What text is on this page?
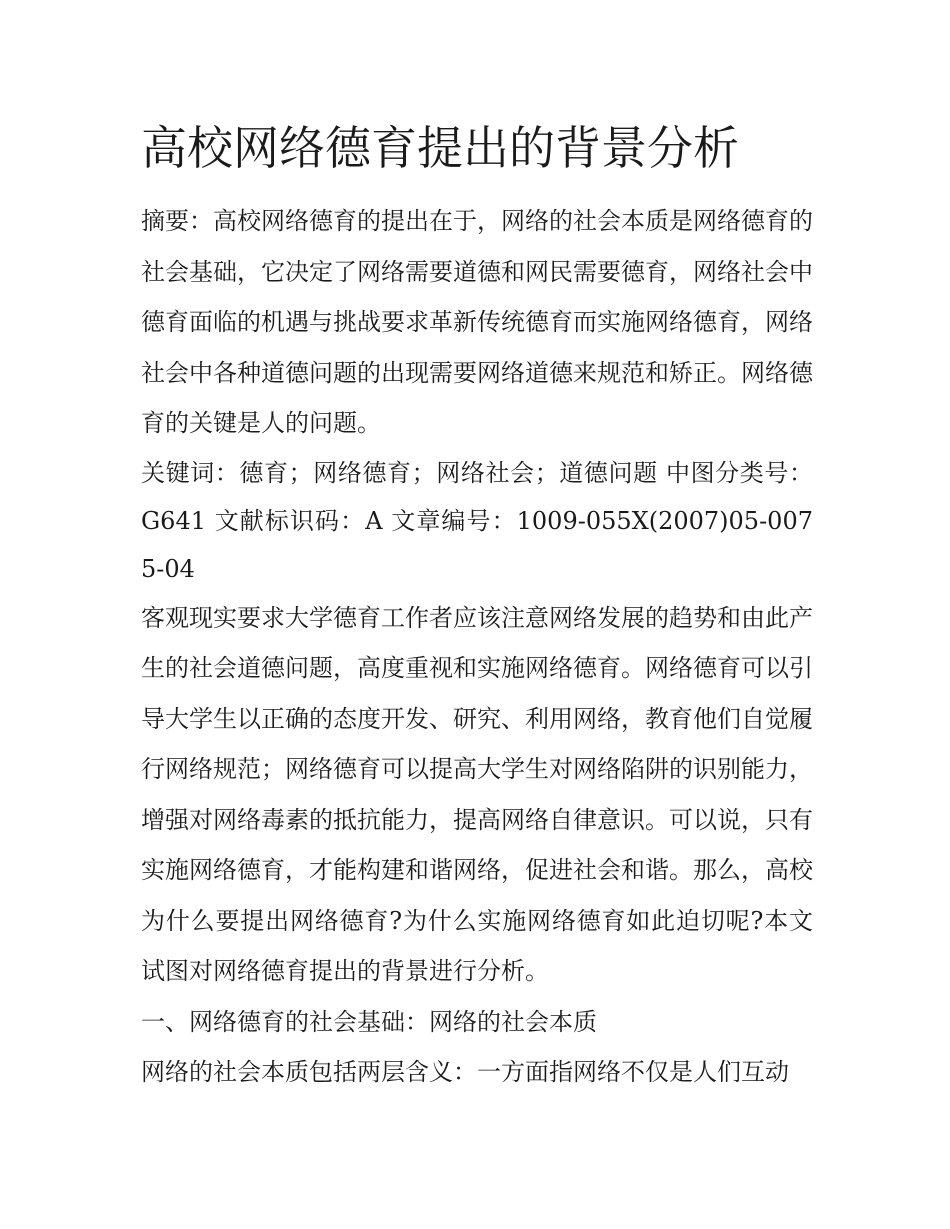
高校网络德育提出的背景分析

摘要：高校网络德育的提出在于，网络的社会本质是网络德育的社会基础，它决定了网络需要道德和网民需要德育，网络社会中德育面临的机遇与挑战要求革新传统德育而实施网络德育，网络社会中各种道德问题的出现需要网络道德来规范和矫正。网络德育的关键是人的问题。

关键词：德育；网络德育；网络社会；道德问题 中图分类号：G641 文献标识码：A 文章编号：1009-055X(2007)05-0075-04

客观现实要求大学德育工作者应该注意网络发展的趋势和由此产生的社会道德问题，高度重视和实施网络德育。网络德育可以引导大学生以正确的态度开发、研究、利用网络，教育他们自觉履行网络规范；网络德育可以提高大学生对网络陷阱的识别能力，增强对网络毒素的抵抗能力，提高网络自律意识。可以说，只有实施网络德育，才能构建和谐网络，促进社会和谐。那么，高校为什么要提出网络德育?为什么实施网络德育如此迫切呢?本文试图对网络德育提出的背景进行分析。

一、网络德育的社会基础：网络的社会本质

网络的社会本质包括两层含义：一方面指网络不仅是人们互动
